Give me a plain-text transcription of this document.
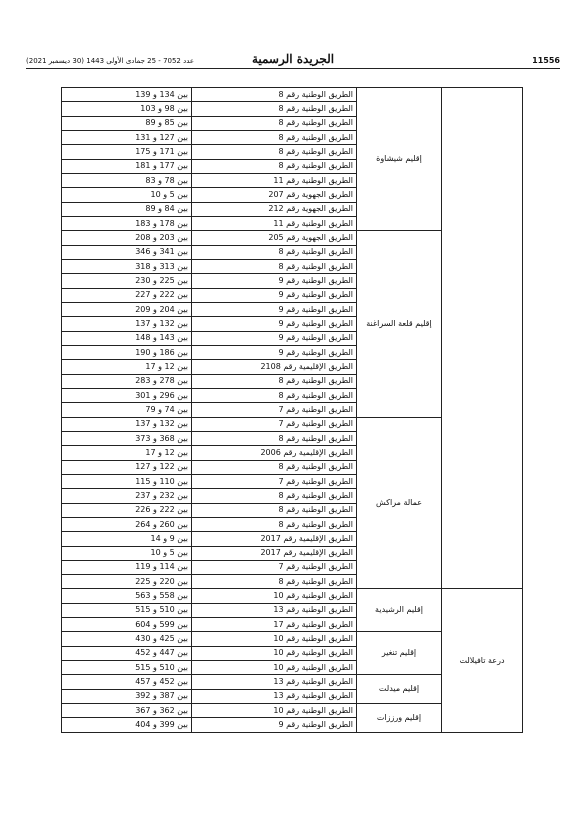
11556
الجريدة الرسمية
عدد 7052 - 25 جمادى الأولى 1443 (30 ديسمبر 2021)
	إقليم شيشاوة	الطريق الوطنية رقم 8	بين 134 و 139
		الطريق الوطنية رقم 8	بين 98 و 103
		الطريق الوطنية رقم 8	بين 85 و 89
		الطريق الوطنية رقم 8	بين 127 و 131
		الطريق الوطنية رقم 8	بين 171 و 175
		الطريق الوطنية رقم 8	بين 177 و 181
		الطريق الوطنية رقم 11	بين 78 و 83
		الطريق الجهوية رقم 207	بين 5 و 10
		الطريق الجهوية رقم 212	بين 84 و 89
		الطريق الوطنية رقم 11	بين 178 و 183
	إقليم قلعة السراغنة	الطريق الجهوية رقم 205	بين 203 و 208
		الطريق الوطنية رقم 8	بين 341 و 346
		الطريق الوطنية رقم 8	بين 313 و 318
		الطريق الوطنية رقم 9	بين 225 و 230
		الطريق الوطنية رقم 9	بين 222 و 227
		الطريق الوطنية رقم 9	بين 204 و 209
		الطريق الوطنية رقم 9	بين 132 و 137
		الطريق الوطنية رقم 9	بين 143 و 148
		الطريق الوطنية رقم 9	بين 186 و 190
		الطريق الإقليمية رقم 2108	بين 12 و 17
		الطريق الوطنية رقم 8	بين 278 و 283
		الطريق الوطنية رقم 8	بين 296 و 301
		الطريق الوطنية رقم 7	بين 74 و 79
	عمالة مراكش	الطريق الوطنية رقم 7	بين 132 و 137
		الطريق الوطنية رقم 8	بين 368 و 373
		الطريق الإقليمية رقم 2006	بين 12 و 17
		الطريق الوطنية رقم 8	بين 122 و 127
		الطريق الوطنية رقم 7	بين 110 و 115
		الطريق الوطنية رقم 8	بين 232 و 237
		الطريق الوطنية رقم 8	بين 222 و 226
		الطريق الوطنية رقم 8	بين 260 و 264
		الطريق الإقليمية رقم 2017	بين 9 و 14
		الطريق الإقليمية رقم 2017	بين 5 و 10
		الطريق الوطنية رقم 7	بين 114 و 119
		الطريق الوطنية رقم 8	بين 220 و 225
درعة تافيلالت	إقليم الرشيدية	الطريق الوطنية رقم 10	بين 558 و 563
		الطريق الوطنية رقم 13	بين 510 و 515
		الطريق الوطنية رقم 17	بين 599 و 604
	إقليم تنغير	الطريق الوطنية رقم 10	بين 425 و 430
		الطريق الوطنية رقم 10	بين 447 و 452
		الطريق الوطنية رقم 10	بين 510 و 515
	إقليم ميدلت	الطريق الوطنية رقم 13	بين 452 و 457
		الطريق الوطنية رقم 13	بين 387 و 392
	إقليم ورززات	الطريق الوطنية رقم 10	بين 362 و 367
		الطريق الوطنية رقم 9	بين 399 و 404
